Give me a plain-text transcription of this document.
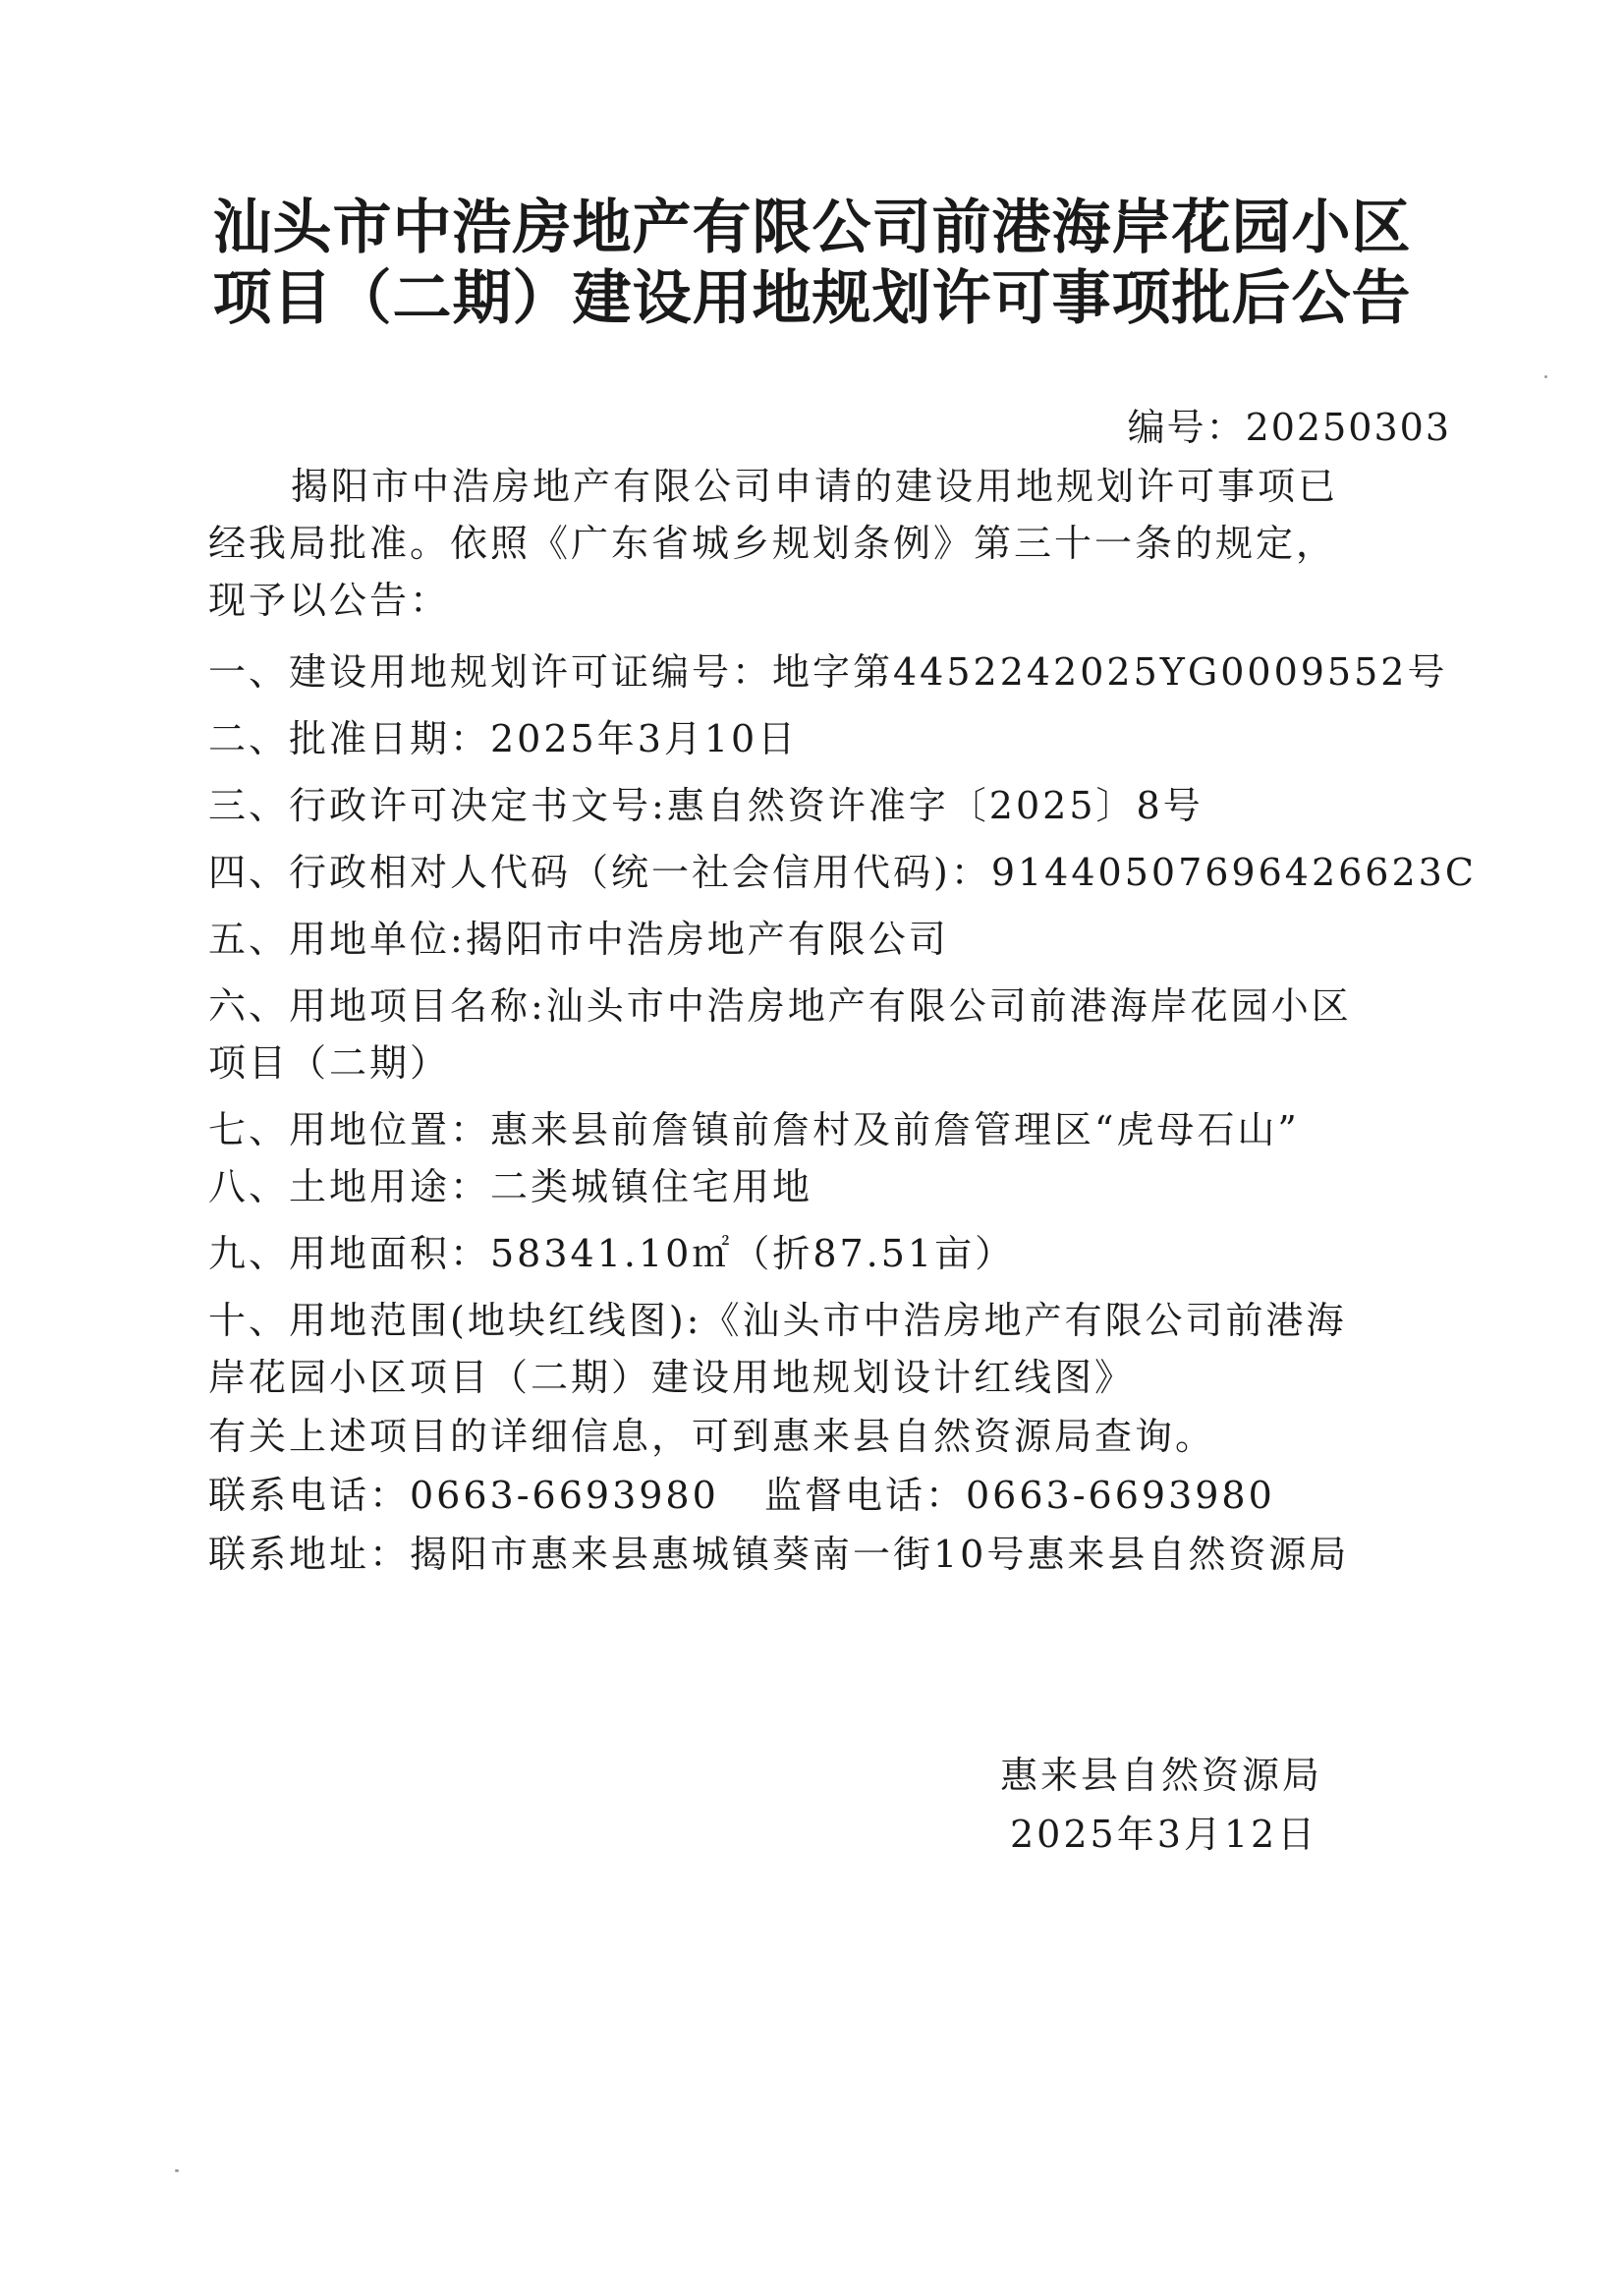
汕头市中浩房地产有限公司前港海岸花园小区
项目（二期）建设用地规划许可事项批后公告
编号：20250303
揭阳市中浩房地产有限公司申请的建设用地规划许可事项已
经我局批准。依照《广东省城乡规划条例》第三十一条的规定，
现予以公告：
一、建设用地规划许可证编号：地字第4452242025YG0009552号
二、批准日期：2025年3月10日
三、行政许可决定书文号:惠自然资许准字〔2025〕8号
四、行政相对人代码（统一社会信用代码)：91440507696426623C
五、用地单位:揭阳市中浩房地产有限公司
六、用地项目名称:汕头市中浩房地产有限公司前港海岸花园小区
项目（二期）
七、用地位置：惠来县前詹镇前詹村及前詹管理区“虎母石山”
八、土地用途：二类城镇住宅用地
九、用地面积：58341.10㎡（折87.51亩）
十、用地范围(地块红线图):《汕头市中浩房地产有限公司前港海
岸花园小区项目（二期）建设用地规划设计红线图》
有关上述项目的详细信息，可到惠来县自然资源局查询。
联系电话：0663-6693980 监督电话：0663-6693980
联系地址：揭阳市惠来县惠城镇葵南一街10号惠来县自然资源局
惠来县自然资源局
2025年3月12日
